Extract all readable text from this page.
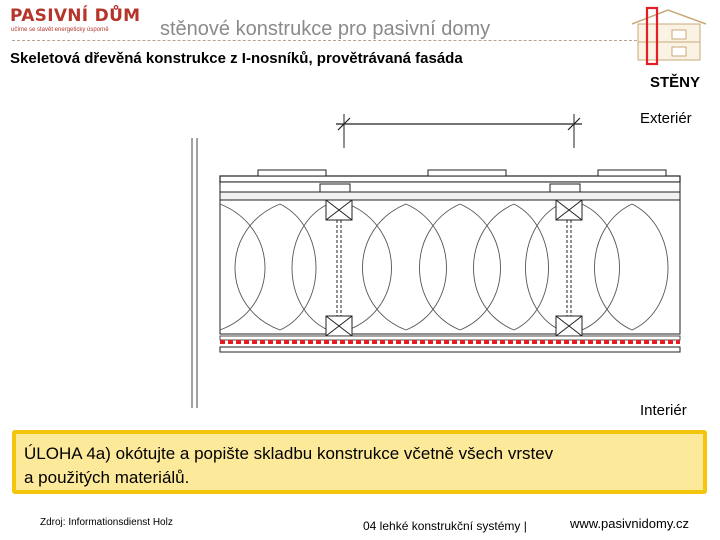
PASIVNÍ DŮM
učíme se stavět energeticky úsporně	stěnové konstrukce pro pasivní domy
Skeletová dřevěná konstrukce z I-nosníků, provětrávaná fasáda
STĚNY
Exteriér
Interiér
ÚLOHA 4a) okótujte a popište skladbu konstrukce včetně všech vrstev
a použitých materiálů.
Zdroj: Informationsdienst Holz	04 lehké konstrukční systémy |	www.pasivnidomy.cz
